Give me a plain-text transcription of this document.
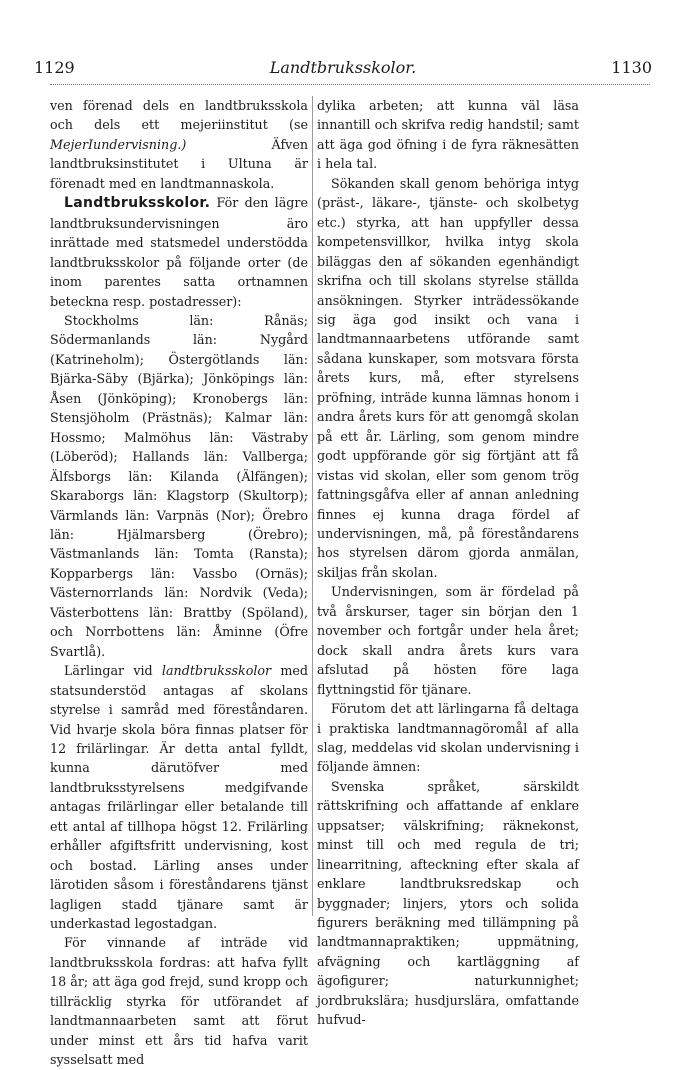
1129	Landtbruksskolor.	1130

ven förenad dels en landtbruksskola och dels ett mejeriinstitut (se MejerIundervisning.) Äfven landtbruksinstitutet i Ultuna är förenadt med en landtmannaskola.

Landtbruksskolor. För den lägre landtbruksundervisningen äro inrättade med statsmedel understödda landtbruksskolor på följande orter (de inom parentes satta ortnamnen beteckna resp. postadresser):

Stockholms län: Rånäs; Södermanlands län: Nygård (Katrineholm); Östergötlands län: Bjärka-Säby (Bjärka); Jönköpings län: Åsen (Jönköping); Kronobergs län: Stensjöholm (Prästnäs); Kalmar län: Hossmo; Malmöhus län: Västraby (Löberöd); Hallands län: Vallberga; Älfsborgs län: Kilanda (Älfängen); Skaraborgs län: Klagstorp (Skultorp); Värmlands län: Varpnäs (Nor); Örebro län: Hjälmarsberg (Örebro); Västmanlands län: Tomta (Ransta); Kopparbergs län: Vassbo (Ornäs); Västernorrlands län: Nordvik (Veda); Västerbottens län: Brattby (Spöland), och Norrbottens län: Åminne (Öfre Svartlå).

Lärlingar vid landtbruksskolor med statsunderstöd antagas af skolans styrelse i samråd med föreståndaren. Vid hvarje skola böra finnas platser för 12 frilärlingar. Är detta antal fylldt, kunna därutöfver med landtbruksstyrelsens medgifvande antagas frilärlingar eller betalande till ett antal af tillhopa högst 12. Frilärling erhåller afgiftsfritt undervisning, kost och bostad. Lärling anses under lärotiden såsom i föreståndarens tjänst lagligen stadd tjänare samt är underkastad legostadgan.

För vinnande af inträde vid landtbruksskola fordras: att hafva fyllt 18 år; att äga god frejd, sund kropp och tillräcklig styrka för utförandet af landtmannaarbeten samt att förut under minst ett års tid hafva varit sysselsatt med

dylika arbeten; att kunna väl läsa innantill och skrifva redig handstil; samt att äga god öfning i de fyra räknesätten i hela tal.

Sökanden skall genom behöriga intyg (präst-, läkare-, tjänste- och skolbetyg etc.) styrka, att han uppfyller dessa kompetensvillkor, hvilka intyg skola biläggas den af sökanden egenhändigt skrifna och till skolans styrelse ställda ansökningen. Styrker inträdessökande sig äga god insikt och vana i landtmannaarbetens utförande samt sådana kunskaper, som motsvara första årets kurs, må, efter styrelsens pröfning, inträde kunna lämnas honom i andra årets kurs för att genomgå skolan på ett år. Lärling, som genom mindre godt uppförande gör sig förtjänt att få vistas vid skolan, eller som genom trög fattningsgåfva eller af annan anledning finnes ej kunna draga fördel af undervisningen, må, på föreståndarens hos styrelsen därom gjorda anmälan, skiljas från skolan.

Undervisningen, som är fördelad på två årskurser, tager sin början den 1 november och fortgår under hela året; dock skall andra årets kurs vara afslutad på hösten före laga flyttningstid för tjänare.

Förutom det att lärlingarna få deltaga i praktiska landtmannagöromål af alla slag, meddelas vid skolan undervisning i följande ämnen:

Svenska språket, särskildt rättskrifning och affattande af enklare uppsatser; välskrifning; räknekonst, minst till och med regula de tri; linearritning, afteckning efter skala af enklare landtbruksredskap och byggnader; linjers, ytors och solida figurers beräkning med tillämpning på landtmannapraktiken; uppmätning, afvägning och kartläggning af ägofigurer; naturkunnighet; jordbrukslära; husdjurslära, omfattande hufvud-
